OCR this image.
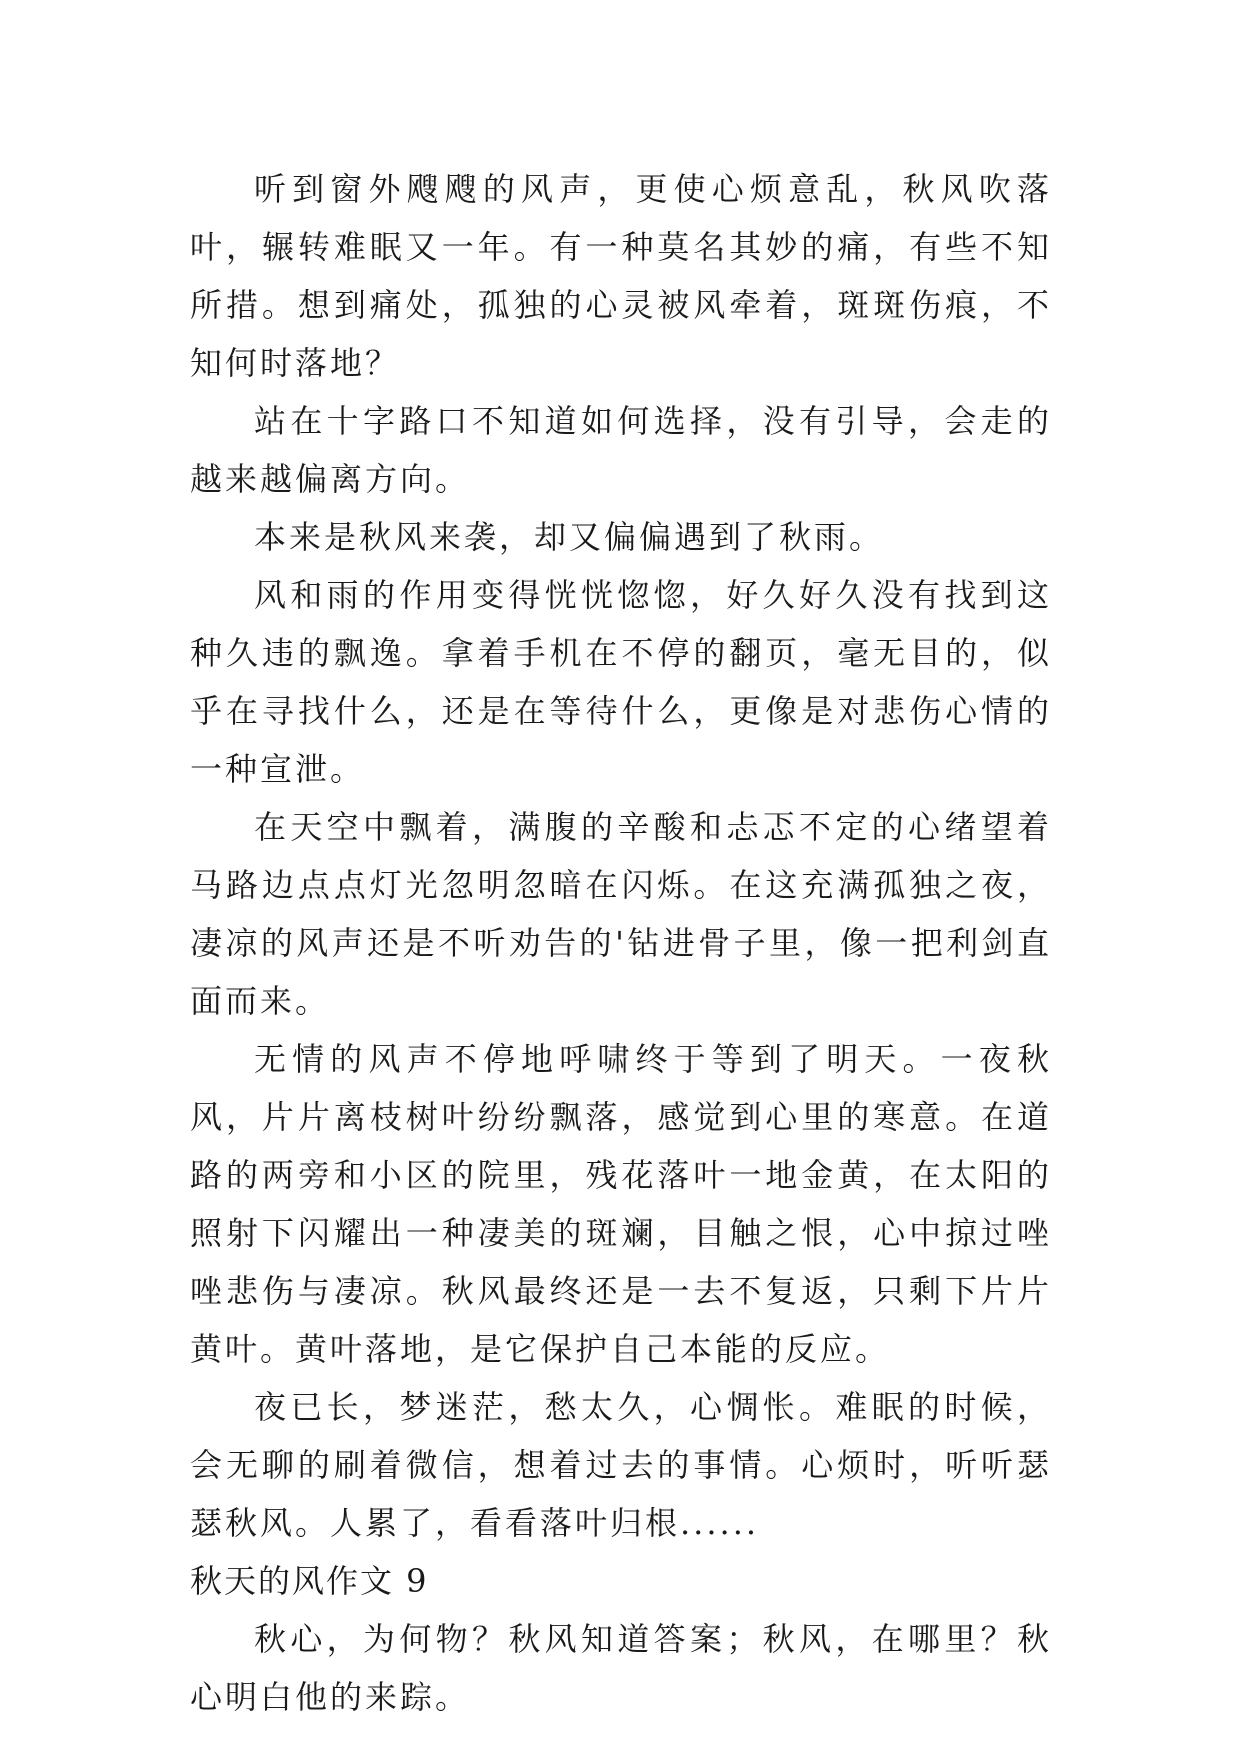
听到窗外飕飕的风声，更使心烦意乱，秋风吹落叶，辗转难眠又一年。有一种莫名其妙的痛，有些不知所措。想到痛处，孤独的心灵被风牵着，斑斑伤痕，不知何时落地？

站在十字路口不知道如何选择，没有引导，会走的越来越偏离方向。

本来是秋风来袭，却又偏偏遇到了秋雨。

风和雨的作用变得恍恍惚惚，好久好久没有找到这种久违的飘逸。拿着手机在不停的翻页，毫无目的，似乎在寻找什么，还是在等待什么，更像是对悲伤心情的一种宣泄。

在天空中飘着，满腹的辛酸和忐忑不定的心绪望着马路边点点灯光忽明忽暗在闪烁。在这充满孤独之夜，凄凉的风声还是不听劝告的'钻进骨子里，像一把利剑直面而来。

无情的风声不停地呼啸终于等到了明天。一夜秋风，片片离枝树叶纷纷飘落，感觉到心里的寒意。在道路的两旁和小区的院里，残花落叶一地金黄，在太阳的照射下闪耀出一种凄美的斑斓，目触之恨，心中掠过唑唑悲伤与凄凉。秋风最终还是一去不复返，只剩下片片黄叶。黄叶落地，是它保护自己本能的反应。

夜已长，梦迷茫，愁太久，心惆怅。难眠的时候，会无聊的刷着微信，想着过去的事情。心烦时，听听瑟瑟秋风。人累了，看看落叶归根......

秋天的风作文 9

秋心，为何物？秋风知道答案；秋风，在哪里？秋心明白他的来踪。
